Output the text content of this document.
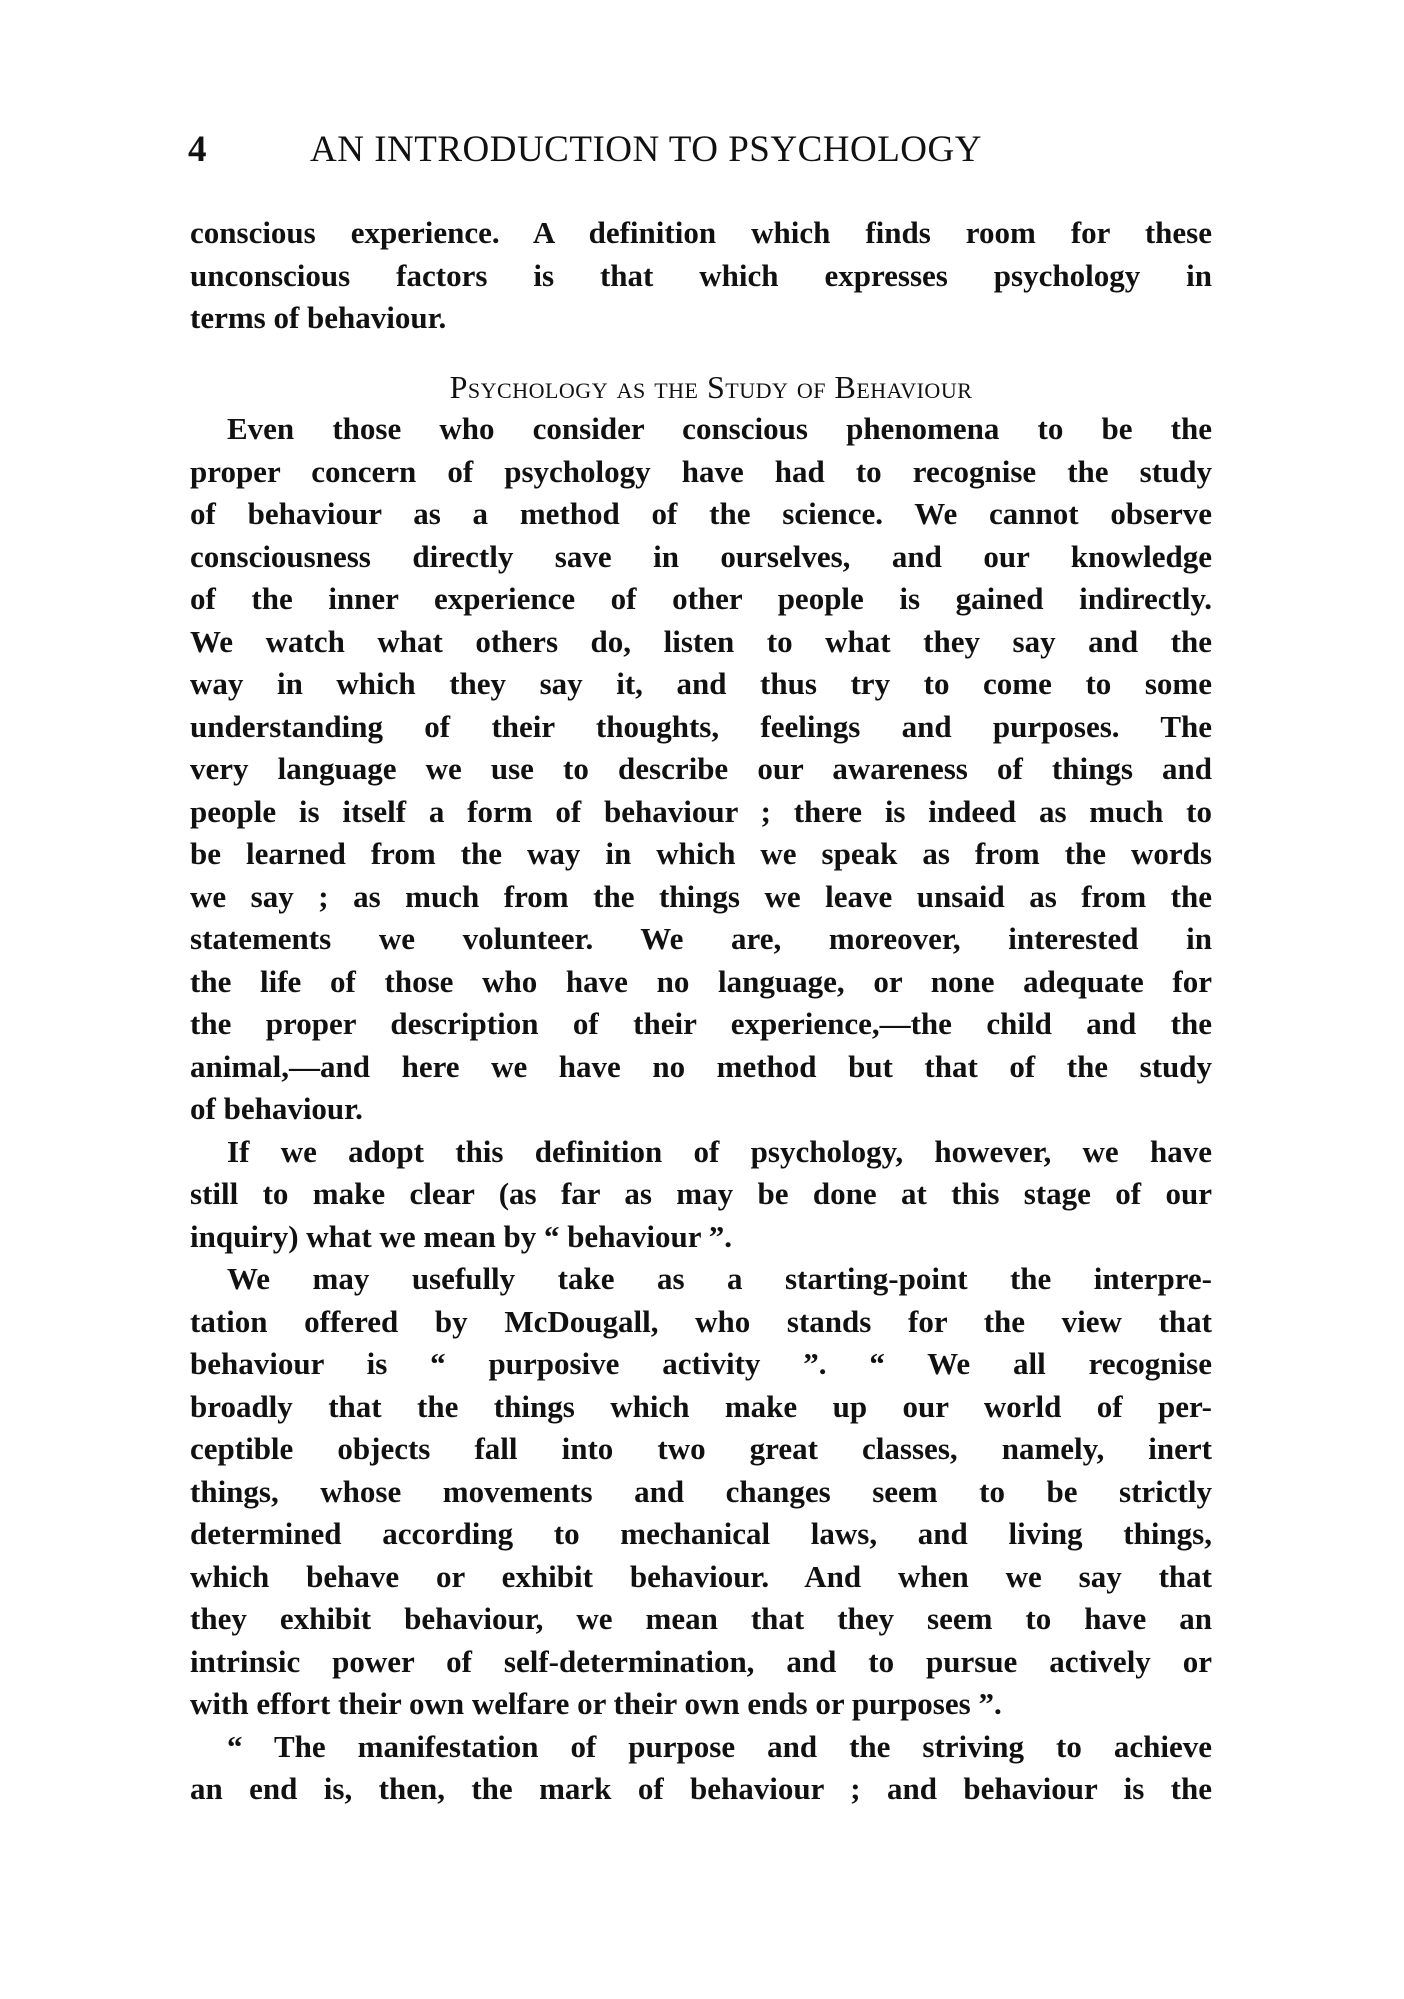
4	AN INTRODUCTION TO PSYCHOLOGY
conscious experience. A definition which finds room for these
unconscious factors is that which expresses psychology in
terms of behaviour.
Psychology as the Study of Behaviour
Even those who consider conscious phenomena to be the
proper concern of psychology have had to recognise the study
of behaviour as a method of the science. We cannot observe
consciousness directly save in ourselves, and our knowledge
of the inner experience of other people is gained indirectly.
We watch what others do, listen to what they say and the
way in which they say it, and thus try to come to some
understanding of their thoughts, feelings and purposes. The
very language we use to describe our awareness of things and
people is itself a form of behaviour ; there is indeed as much to
be learned from the way in which we speak as from the words
we say ; as much from the things we leave unsaid as from the
statements we volunteer. We are, moreover, interested in
the life of those who have no language, or none adequate for
the proper description of their experience,—the child and the
animal,—and here we have no method but that of the study
of behaviour.
If we adopt this definition of psychology, however, we have
still to make clear (as far as may be done at this stage of our
inquiry) what we mean by “ behaviour ”.
We may usefully take as a starting-point the interpre-
tation offered by McDougall, who stands for the view that
behaviour is “ purposive activity ”. “ We all recognise
broadly that the things which make up our world of per-
ceptible objects fall into two great classes, namely, inert
things, whose movements and changes seem to be strictly
determined according to mechanical laws, and living things,
which behave or exhibit behaviour. And when we say that
they exhibit behaviour, we mean that they seem to have an
intrinsic power of self-determination, and to pursue actively or
with effort their own welfare or their own ends or purposes ”.
“ The manifestation of purpose and the striving to achieve
an end is, then, the mark of behaviour ; and behaviour is the
